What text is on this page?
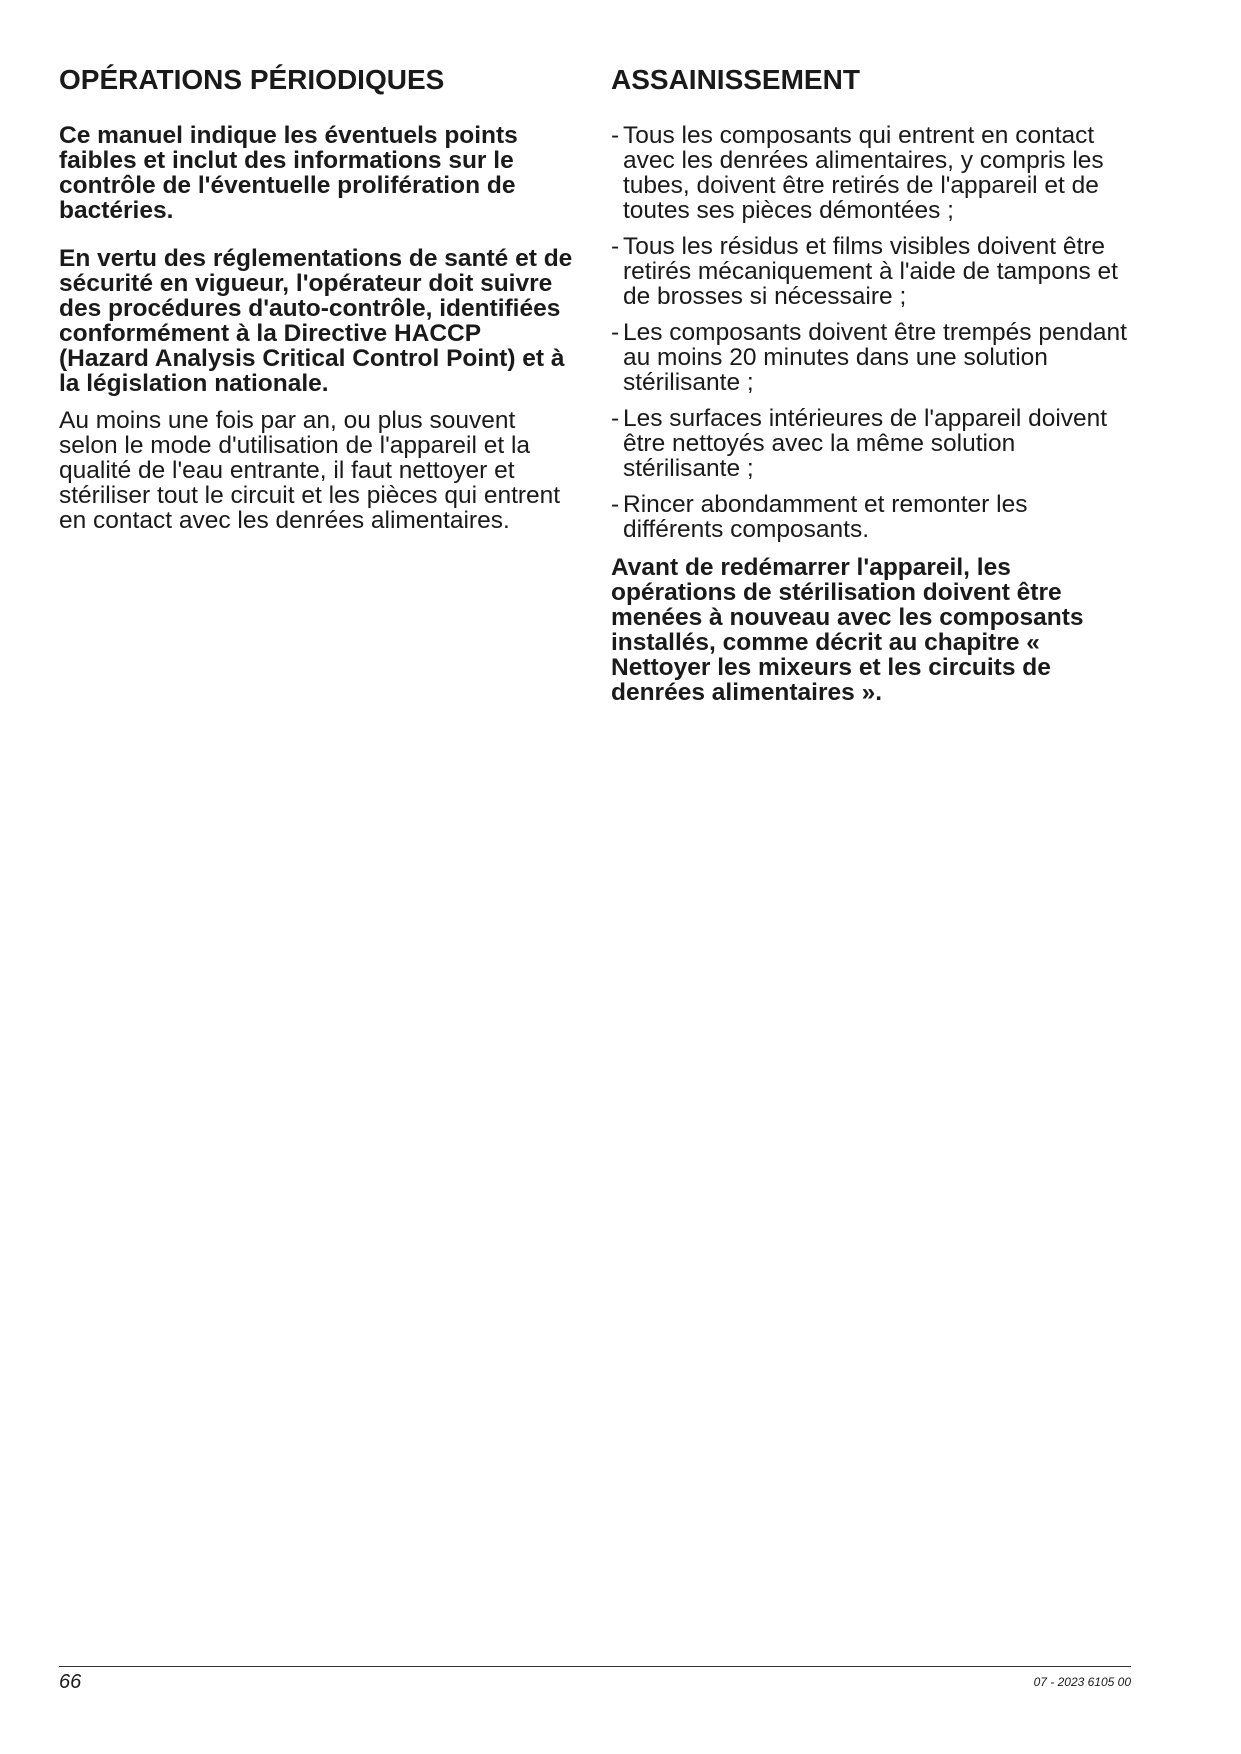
OPÉRATIONS PÉRIODIQUES

Ce manuel indique les éventuels points faibles et inclut des informations sur le contrôle de l'éventuelle prolifération de bactéries.

En vertu des réglementations de santé et de sécurité en vigueur, l'opérateur doit suivre des procédures d'auto-contrôle, identifiées conformément à la Directive HACCP (Hazard Analysis Critical Control Point) et à la législation nationale.

Au moins une fois par an, ou plus souvent selon le mode d'utilisation de l'appareil et la qualité de l'eau entrante, il faut nettoyer et stériliser tout le circuit et les pièces qui entrent en contact avec les denrées alimentaires.

ASSAINISSEMENT
- Tous les composants qui entrent en contact avec les denrées alimentaires, y compris les tubes, doivent être retirés de l'appareil et de toutes ses pièces démontées ;
- Tous les résidus et films visibles doivent être retirés mécaniquement à l'aide de tampons et de brosses si nécessaire ;
- Les composants doivent être trempés pendant au moins 20 minutes dans une solution stérilisante ;
- Les surfaces intérieures de l'appareil doivent être nettoyés avec la même solution stérilisante ;
- Rincer abondamment et remonter les différents composants.

Avant de redémarrer l'appareil, les opérations de stérilisation doivent être menées à nouveau avec les composants installés, comme décrit au chapitre « Nettoyer les mixeurs et les circuits de denrées alimentaires ».

66	07 - 2023 6105 00
